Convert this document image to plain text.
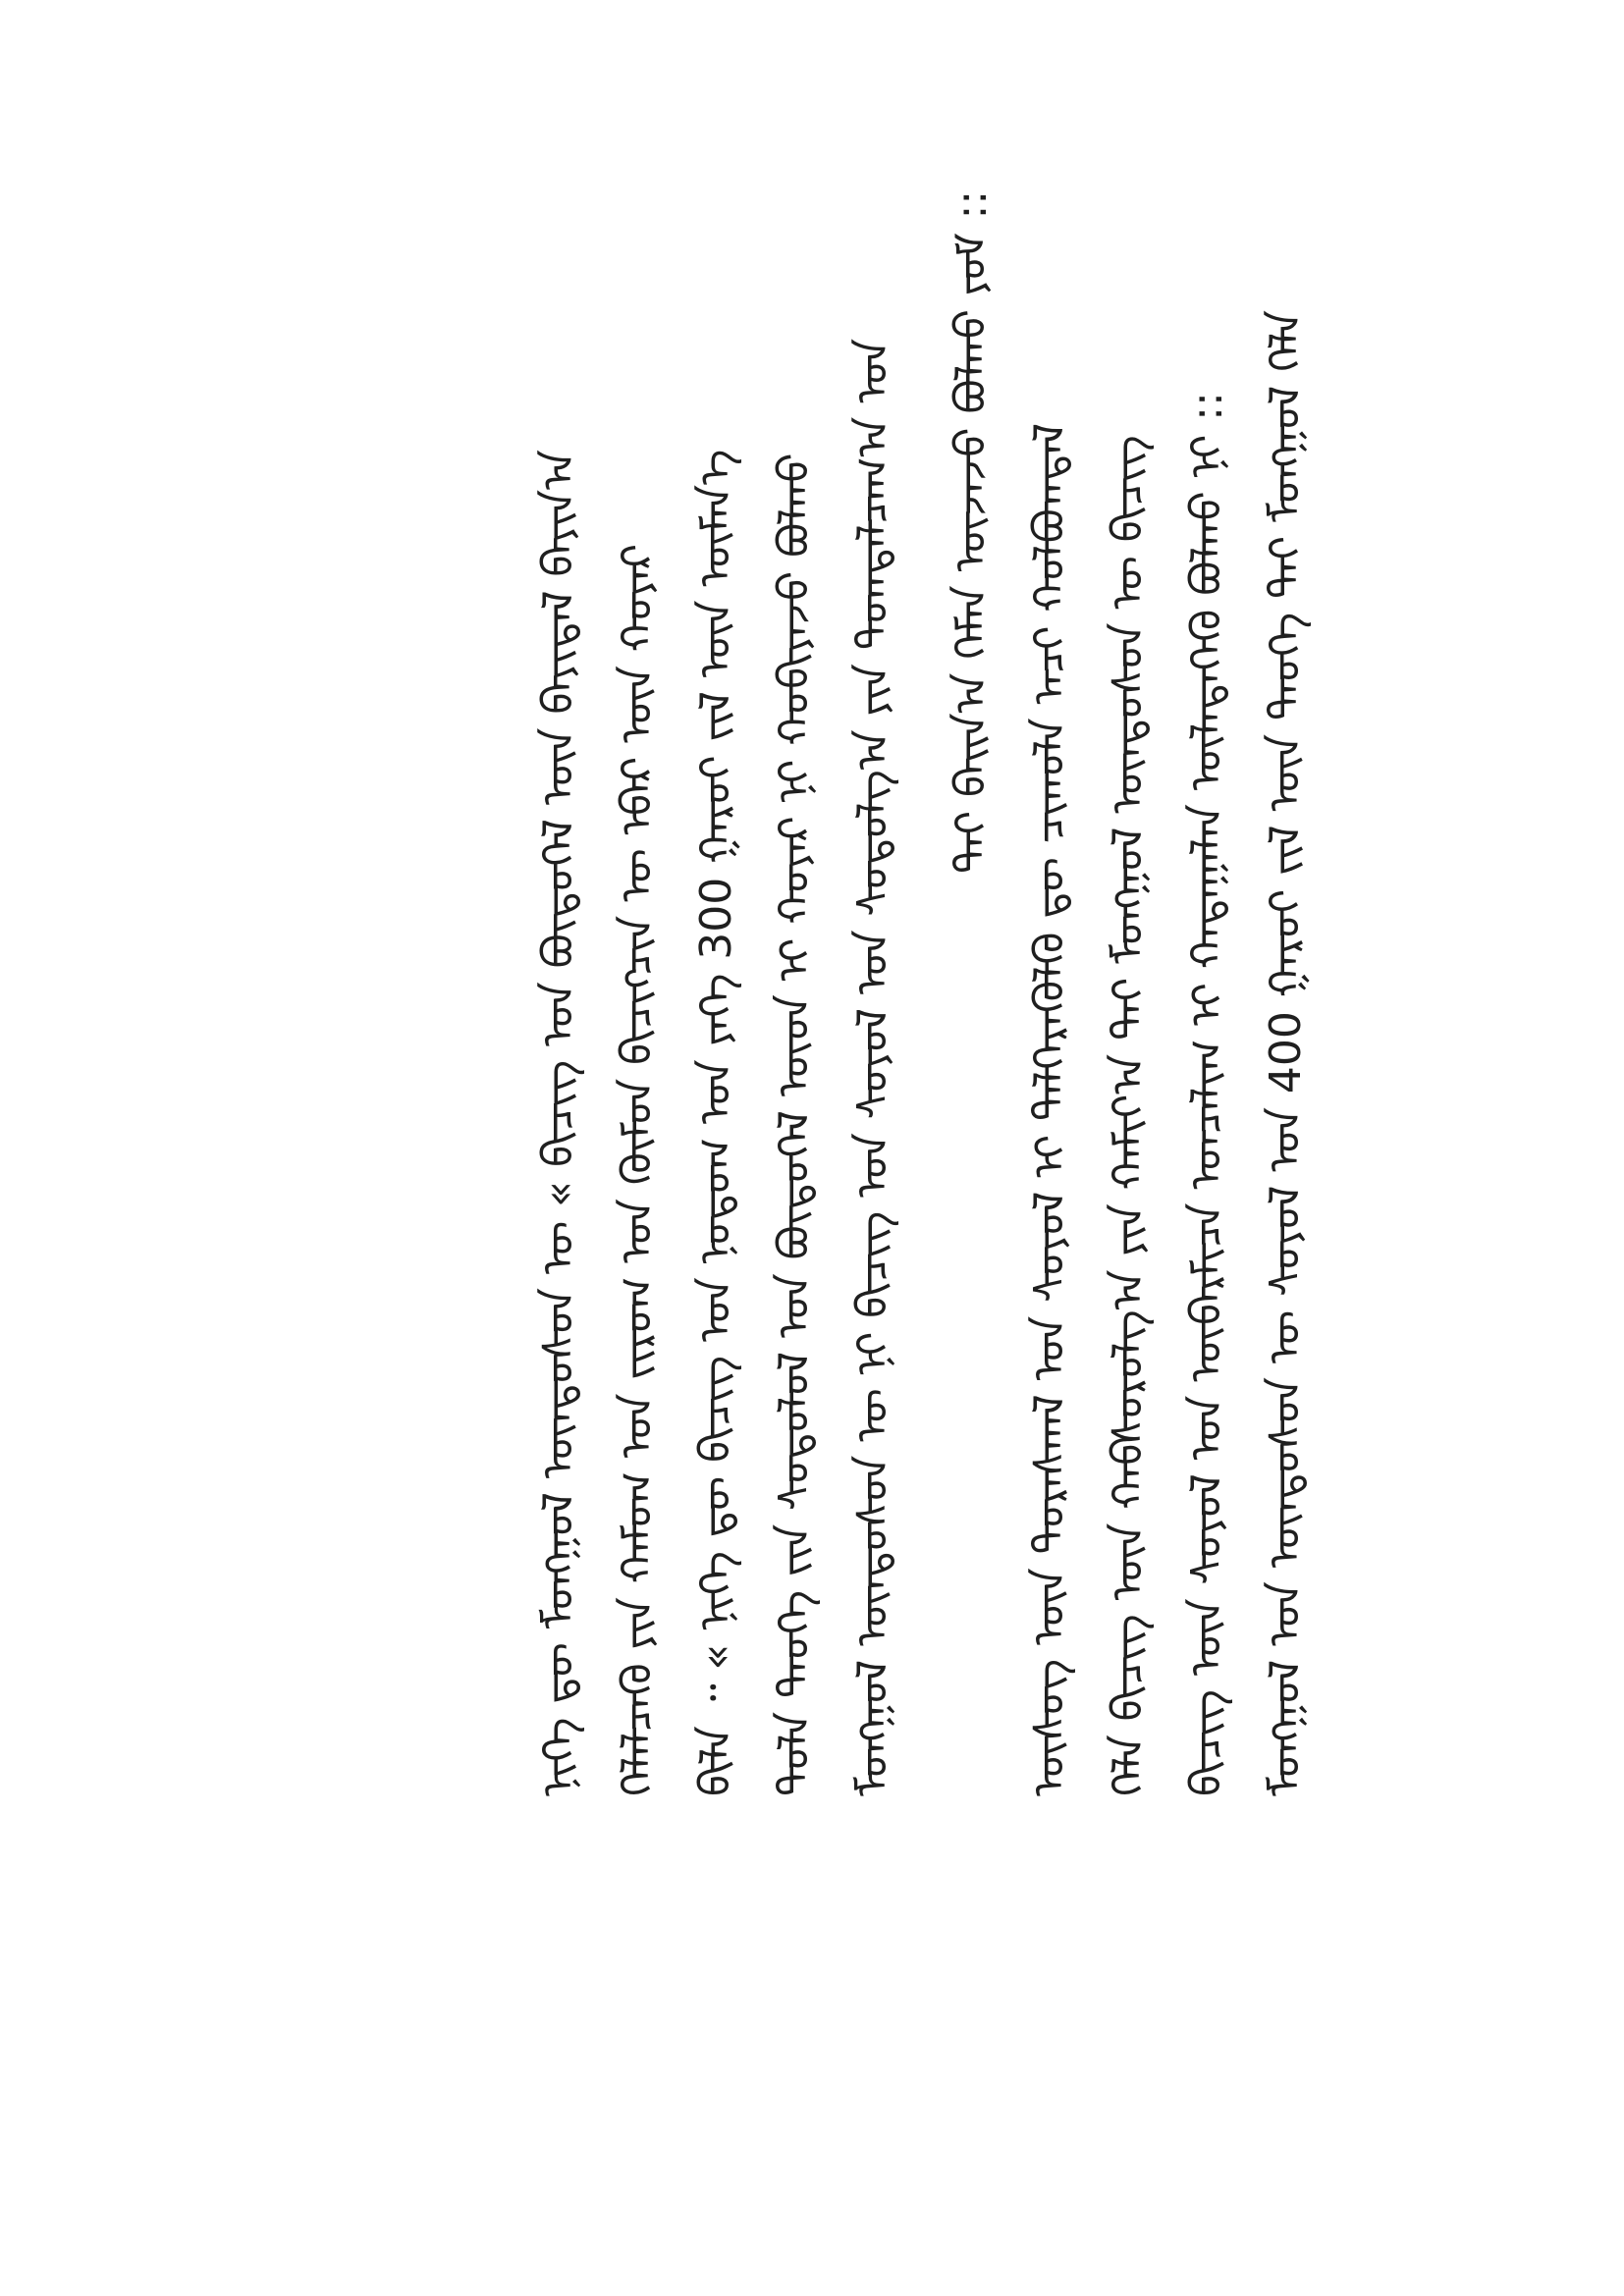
ᠮᠣᠩᠭᠣᠯ ᠤᠨ ᠦᠨᠳᠦᠰᠦᠨ ᠦ ᠰᠣᠶᠣᠯ ᠤᠨ 400 ᠭᠠᠷᠤᠢ ᠵᠢᠯ ᠦᠨ ᠲᠡᠦᠬᠡ ᠲᠡᠢ ᠮᠣᠩᠭᠣᠯ ᠬᠡᠯᠡ
ᠪᠢᠴᠢᠭ ᠦᠨ ᠰᠣᠶᠣᠯ ᠤᠨ ᠦᠪᠡᠷᠮᠢᠴᠡ ᠣᠨᠴᠠᠯᠢᠭ ᠢ ᠬᠠᠳᠠᠭᠠᠯᠠᠨ ᠦᠯᠡᠳᠡᠭᠡᠬᠦ ᠪᠣᠯᠬᠣ ᠨᠢ ::
ᠬᠡᠯᠡ ᠪᠢᠴᠢᠭ ᠦᠨ ᠬᠠᠪᠰᠤᠷᠤᠯᠭ᠎ᠠ ᠶᠢᠨ ᠬᠠᠮᠢᠶ᠎ᠠ ᠲᠠᠢ ᠮᠣᠩᠭᠣᠯ ᠦᠨᠳᠦᠰᠦᠨ ᠦ ᠪᠢᠴᠢᠭ
ᠦᠰᠦᠭ ᠦᠨ ᠳᠤᠷᠠᠰᠬᠠᠯ ᠤᠨ ᠰᠣᠶᠣᠯ ᠢ ᠲᠡᠯᠭᠡᠷᠡᠭᠦᠯᠬᠦ ᠳᠦ ᠴᠢᠬᠤᠯᠠ ᠠᠴᠢ ᠬᠣᠯᠪᠣᠭᠳᠠᠯ
ᠲᠠᠢ ᠪᠠᠢᠨ᠎ᠠ ᠬᠡᠮᠡᠨ ᠦᠵᠡᠵᠦ ᠪᠣᠯᠬᠤ ᠶᠤᠮ ::
ᠮᠣᠩᠭᠣᠯ ᠦᠨᠳᠦᠰᠦᠨ ᠦ ᠨᠢ ᠪᠢᠴᠢᠭ ᠤᠨ ᠰᠣᠶᠣᠯ ᠤᠨ ᠰᠤᠳᠤᠯᠭ᠎ᠠ ᠶᠢᠨ ᠲᠣᠭᠲᠠᠯᠴᠠᠭ᠎ᠠ ᠤᠨ
ᠲᠤᠯᠠ ᠲᠡᠦᠬᠡ ᠵᠢᠨ ᠰᠤᠳᠤᠯᠤᠯ ᠤᠨ ᠪᠦᠲᠦᠭᠡᠯ ᠦᠳ ᠢ ᠬᠣᠶᠠᠷ ᠨᠢ ᠬᠤᠪᠢᠶᠠᠵᠤ ᠪᠣᠯᠬᠤ
ᠪᠢᠯᠡ ᠃ « ᠨᠢᠭᠡ ᠳᠦ ᠪᠢᠴᠢᠭ ᠤᠨ ᠨᠤᠲᠤᠭ ᠤᠨ ᠶᠡᠬᠡ 300 ᠭᠠᠷᠤᠢ ᠵᠢᠯ ᠦᠨ ᠦᠮᠡᠨ᠎ᠡ
ᠬᠡᠯᠡᠯᠴᠡᠬᠦ ᠶᠢᠨ ᠬᠠᠮᠤᠭ ᠤᠨ ᠵᠢᠷᠤᠭ ᠤᠨ ᠬᠦᠮᠦᠨ ᠪᠢᠴᠢᠭᠴᠢᠨ ᠦ ᠡᠪᠡᠷ ᠦᠨ ᠬᠣᠶᠠᠷ
ᠨᠢᠭᠡ ᠳᠦ ᠮᠣᠩᠭᠣᠯ ᠦᠨᠳᠦᠰᠦᠨ ᠦ « ᠪᠢᠴᠢᠭ ᠤᠨ ᠪᠦᠲᠦᠭᠡᠯ ᠦᠨ ᠪᠠᠶᠢᠳᠠᠯ ᠪᠠᠶᠢᠨ᠎ᠠ
